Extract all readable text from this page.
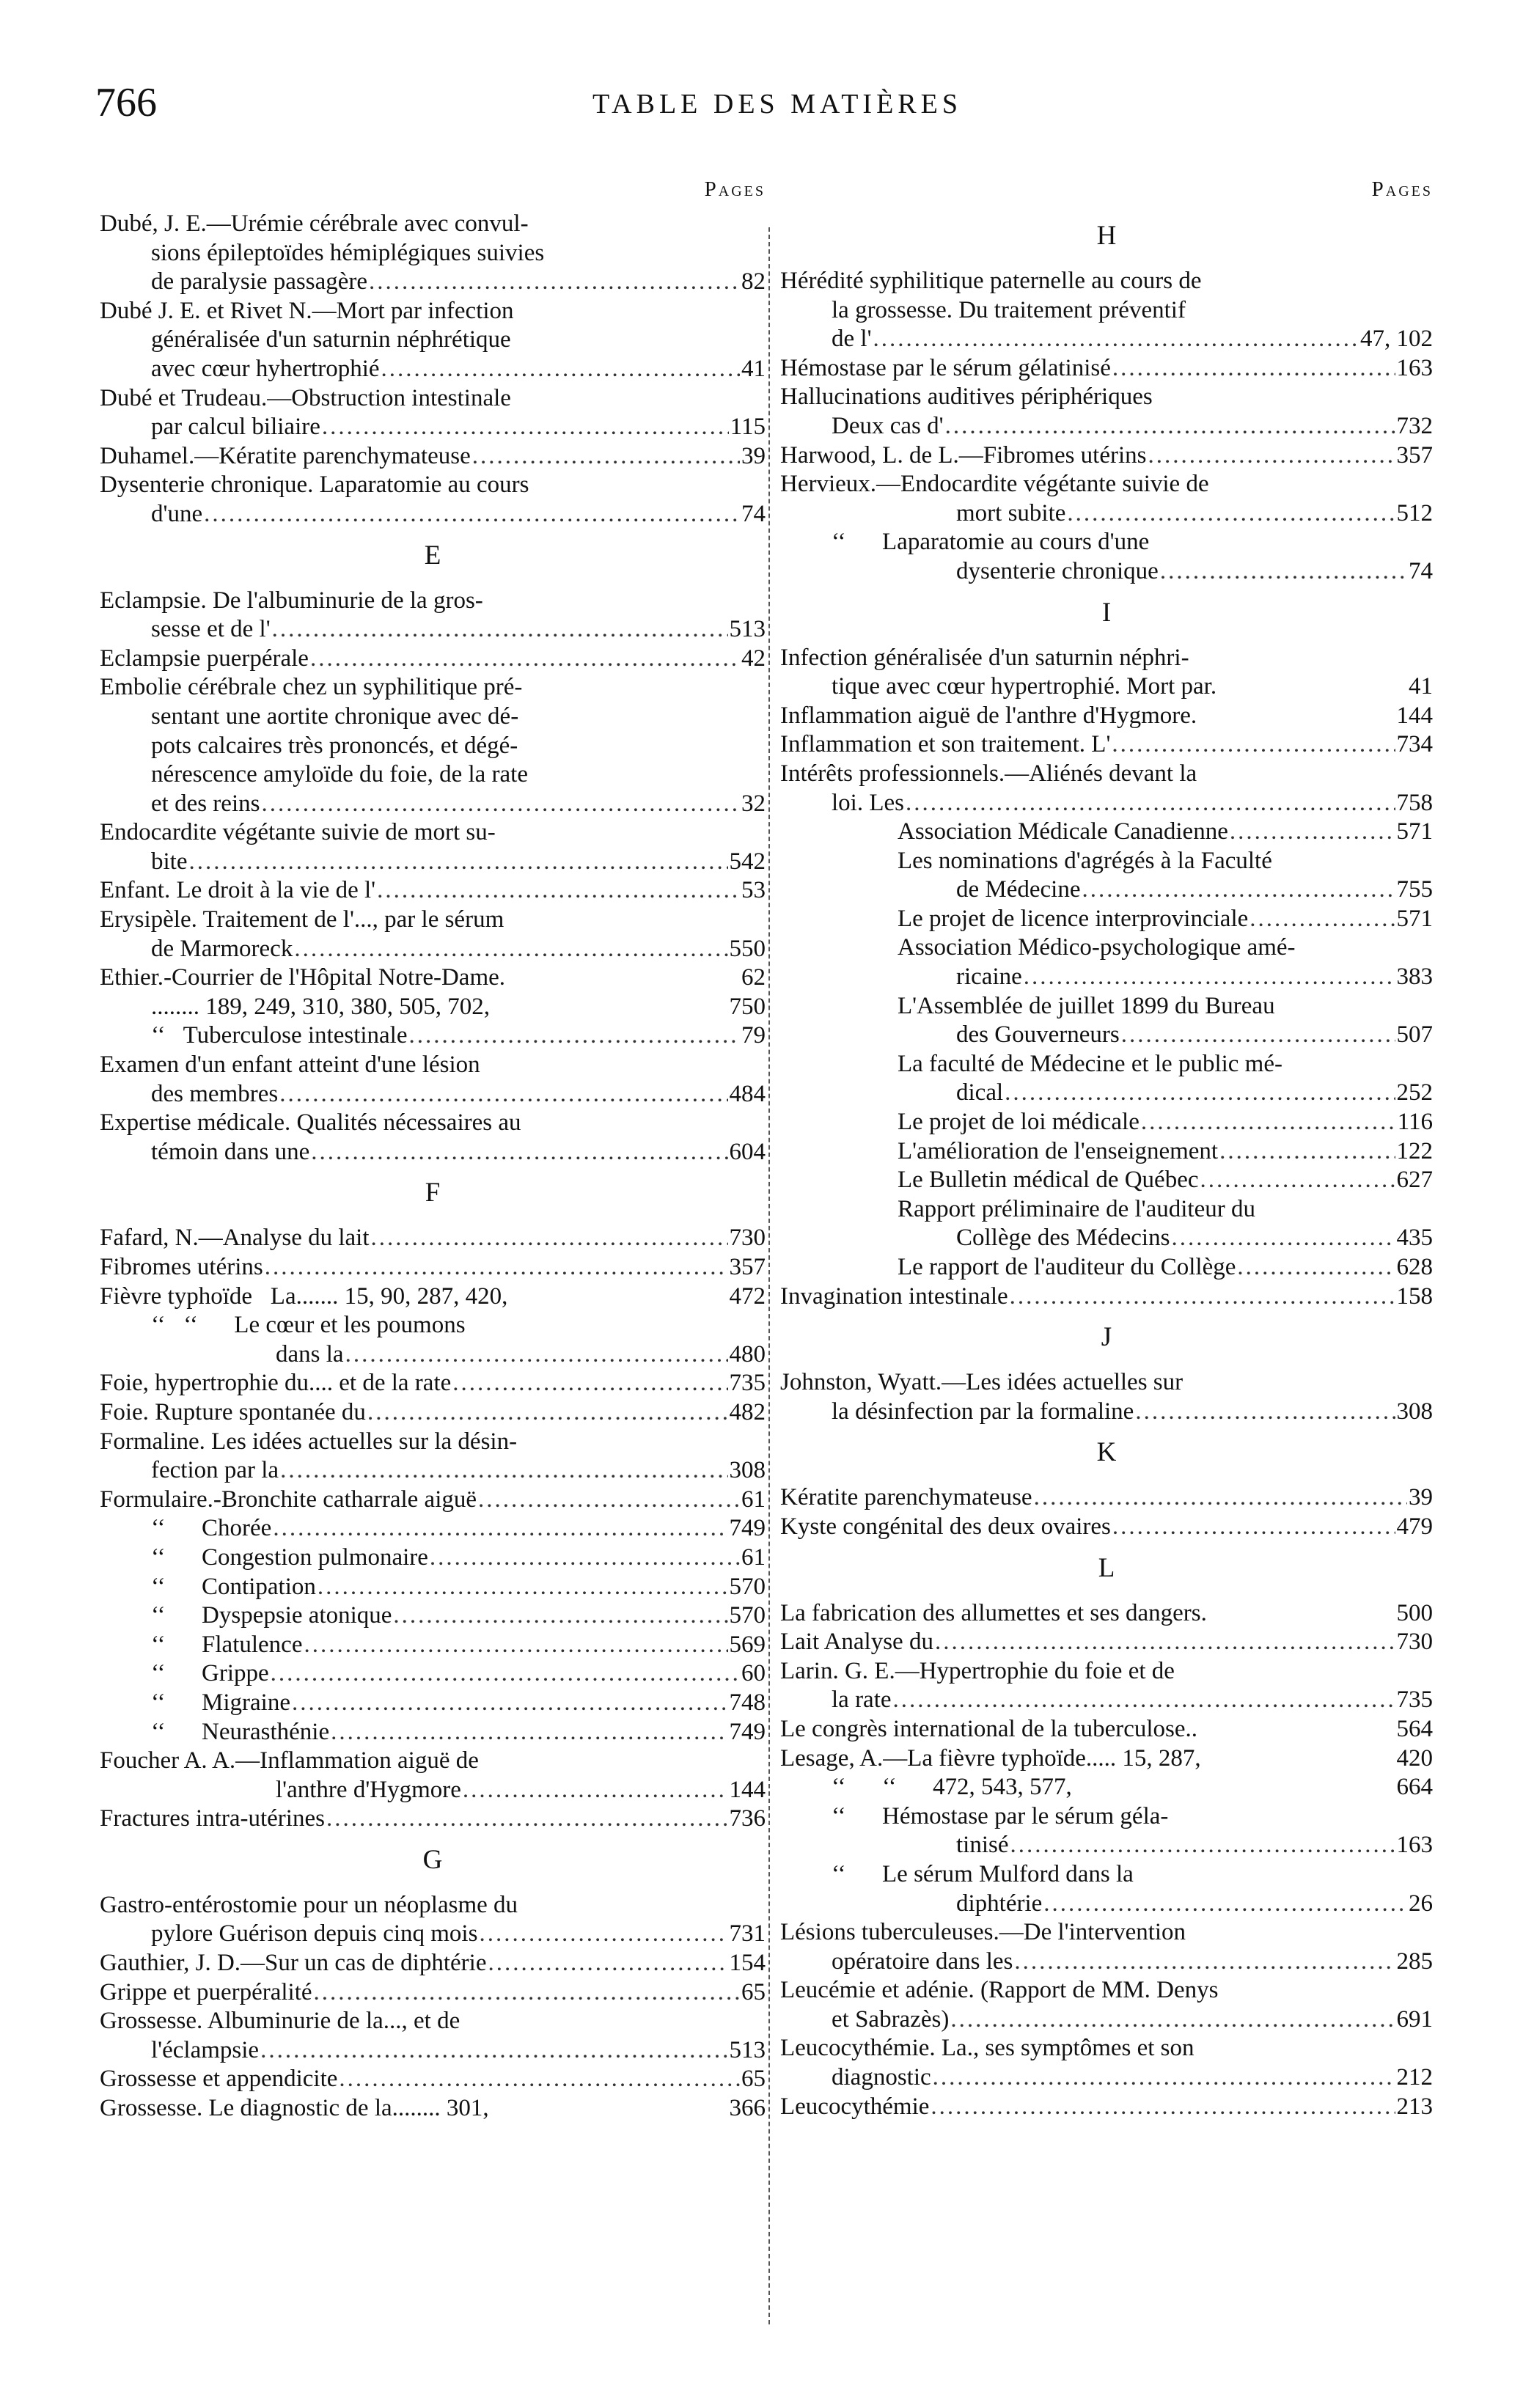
766	TABLE DES MATIÈRES
Pages
Dubé, J. E.—Urémie cérébrale avec convul-
sions épileptoïdes hémiplégiques suivies
de paralysie passagère .....	82
Dubé J. E. et Rivet N.—Mort par infection
généralisée d'un saturnin néphrétique
avec cœur hyhertrophié .....	41
Dubé et Trudeau.—Obstruction intestinale
par calcul biliaire .....	115
Duhamel.—Kératite parenchymateuse .....	39
Dysenterie chronique. Laparatomie au cours
d'une .....	74
E
Eclampsie. De l'albuminurie de la gros-
sesse et de l' .....	513
Eclampsie puerpérale .....	42
Embolie cérébrale chez un syphilitique pré-
sentant une aortite chronique avec dé-
pots calcaires très prononcés, et dégé-
nérescence amyloïde du foie, de la rate
et des reins .....	32
Endocardite végétante suivie de mort su-
bite .....	542
Enfant. Le droit à la vie de l' .....	53
Erysipèle. Traitement de l'..., par le sérum
de Marmoreck .....	550
Ethier.-Courrier de l'Hôpital Notre-Dame.	62
........ 189, 249, 310, 380, 505, 702,	750
‘‘   Tuberculose intestinale .....	79
Examen d'un enfant atteint d'une lésion
des membres .....	484
Expertise médicale. Qualités nécessaires au
témoin dans une .....	604
F
Fafard, N.—Analyse du lait .....	730
Fibromes utérins .....	357
Fièvre typhoïde   La....... 15, 90, 287, 420,	472
‘‘   ‘‘      Le cœur et les poumons
dans la .....	480
Foie, hypertrophie du.... et de la rate .....	735
Foie. Rupture spontanée du .....	482
Formaline. Les idées actuelles sur la désin-
fection par la .....	308
Formulaire.-Bronchite catharrale aiguë .....	61
‘‘      Chorée .....	749
‘‘      Congestion pulmonaire .....	61
‘‘      Contipation .....	570
‘‘      Dyspepsie atonique .....	570
‘‘      Flatulence .....	569
‘‘      Grippe .....	60
‘‘      Migraine .....	748
‘‘      Neurasthénie .....	749
Foucher A. A.—Inflammation aiguë de
l'anthre d'Hygmore .....	144
Fractures intra-utérines .....	736
G
Gastro-entérostomie pour un néoplasme du
pylore Guérison depuis cinq mois .....	731
Gauthier, J. D.—Sur un cas de diphtérie .....	154
Grippe et puerpéralité .....	65
Grossesse. Albuminurie de la..., et de
l'éclampsie .....	513
Grossesse et appendicite .....	65
Grossesse. Le diagnostic de la........ 301,	366
Pages
H
Hérédité syphilitique paternelle au cours de
la grossesse. Du traitement préventif
de l' .....	47, 102
Hémostase par le sérum gélatinisé .....	163
Hallucinations auditives périphériques
Deux cas d' .....	732
Harwood, L. de L.—Fibromes utérins .....	357
Hervieux.—Endocardite végétante suivie de
mort subite .....	512
‘‘      Laparatomie au cours d'une
dysenterie chronique .....	74
I
Infection généralisée d'un saturnin néphri-
tique avec cœur hypertrophié. Mort par.	41
Inflammation aiguë de l'anthre d'Hygmore.	144
Inflammation et son traitement. L' .....	734
Intérêts professionnels.—Aliénés devant la
loi. Les .....	758
Association Médicale Canadienne .....	571
Les nominations d'agrégés à la Faculté
de Médecine .....	755
Le projet de licence interprovinciale .....	571
Association Médico-psychologique amé-
ricaine .....	383
L'Assemblée de juillet 1899 du Bureau
des Gouverneurs .....	507
La faculté de Médecine et le public mé-
dical .....	252
Le projet de loi médicale .....	116
L'amélioration de l'enseignement .....	122
Le Bulletin médical de Québec .....	627
Rapport préliminaire de l'auditeur du
Collège des Médecins .....	435
Le rapport de l'auditeur du Collège .....	628
Invagination intestinale .....	158
J
Johnston, Wyatt.—Les idées actuelles sur
la désinfection par la formaline .....	308
K
Kératite parenchymateuse .....	39
Kyste congénital des deux ovaires .....	479
L
La fabrication des allumettes et ses dangers.	500
Lait Analyse du .....	730
Larin. G. E.—Hypertrophie du foie et de
la rate .....	735
Le congrès international de la tuberculose..	564
Lesage, A.—La fièvre typhoïde..... 15, 287,	420
‘‘      ‘‘      472, 543, 577,	664
‘‘      Hémostase par le sérum géla-
tinisé .....	163
‘‘      Le sérum Mulford dans la
diphtérie .....	26
Lésions tuberculeuses.—De l'intervention
opératoire dans les .....	285
Leucémie et adénie. (Rapport de MM. Denys
et Sabrazès) .....	691
Leucocythémie. La., ses symptômes et son
diagnostic .....	212
Leucocythémie .....	213
